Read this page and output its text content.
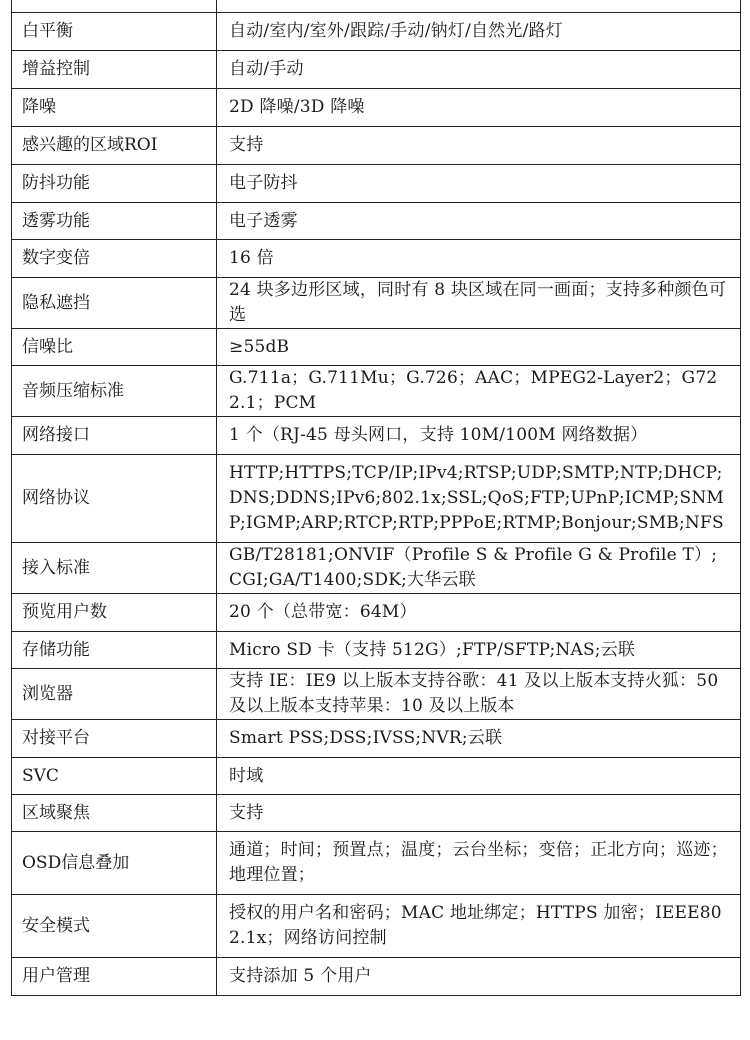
白平衡	自动/室内/室外/跟踪/手动/钠灯/自然光/路灯
增益控制	自动/手动
降噪	2D 降噪/3D 降噪
感兴趣的区域ROI	支持
防抖功能	电子防抖
透雾功能	电子透雾
数字变倍	16 倍
隐私遮挡	24 块多边形区域，同时有 8 块区域在同一画面；支持多种颜色可选
信噪比	≥55dB
音频压缩标准	G.711a；G.711Mu；G.726；AAC；MPEG2-Layer2；G722.1；PCM
网络接口	1 个（RJ-45 母头网口，支持 10M/100M 网络数据）
网络协议	HTTP;HTTPS;TCP/IP;IPv4;RTSP;UDP;SMTP;NTP;DHCP;DNS;DDNS;IPv6;802.1x;SSL;QoS;FTP;UPnP;ICMP;SNMP;IGMP;ARP;RTCP;RTP;PPPoE;RTMP;Bonjour;SMB;NFS
接入标准	GB/T28181;ONVIF（Profile S & Profile G & Profile T）;CGI;GA/T1400;SDK;大华云联
预览用户数	20 个（总带宽：64M）
存储功能	Micro SD 卡（支持 512G）;FTP/SFTP;NAS;云联
浏览器	支持 IE：IE9 以上版本支持谷歌：41 及以上版本支持火狐：50 及以上版本支持苹果：10 及以上版本
对接平台	Smart PSS;DSS;IVSS;NVR;云联
SVC	时域
区域聚焦	支持
OSD信息叠加	通道；时间；预置点；温度；云台坐标；变倍；正北方向；巡迹；地理位置；
安全模式	授权的用户名和密码；MAC 地址绑定；HTTPS 加密；IEEE802.1x；网络访问控制
用户管理	支持添加 5 个用户
